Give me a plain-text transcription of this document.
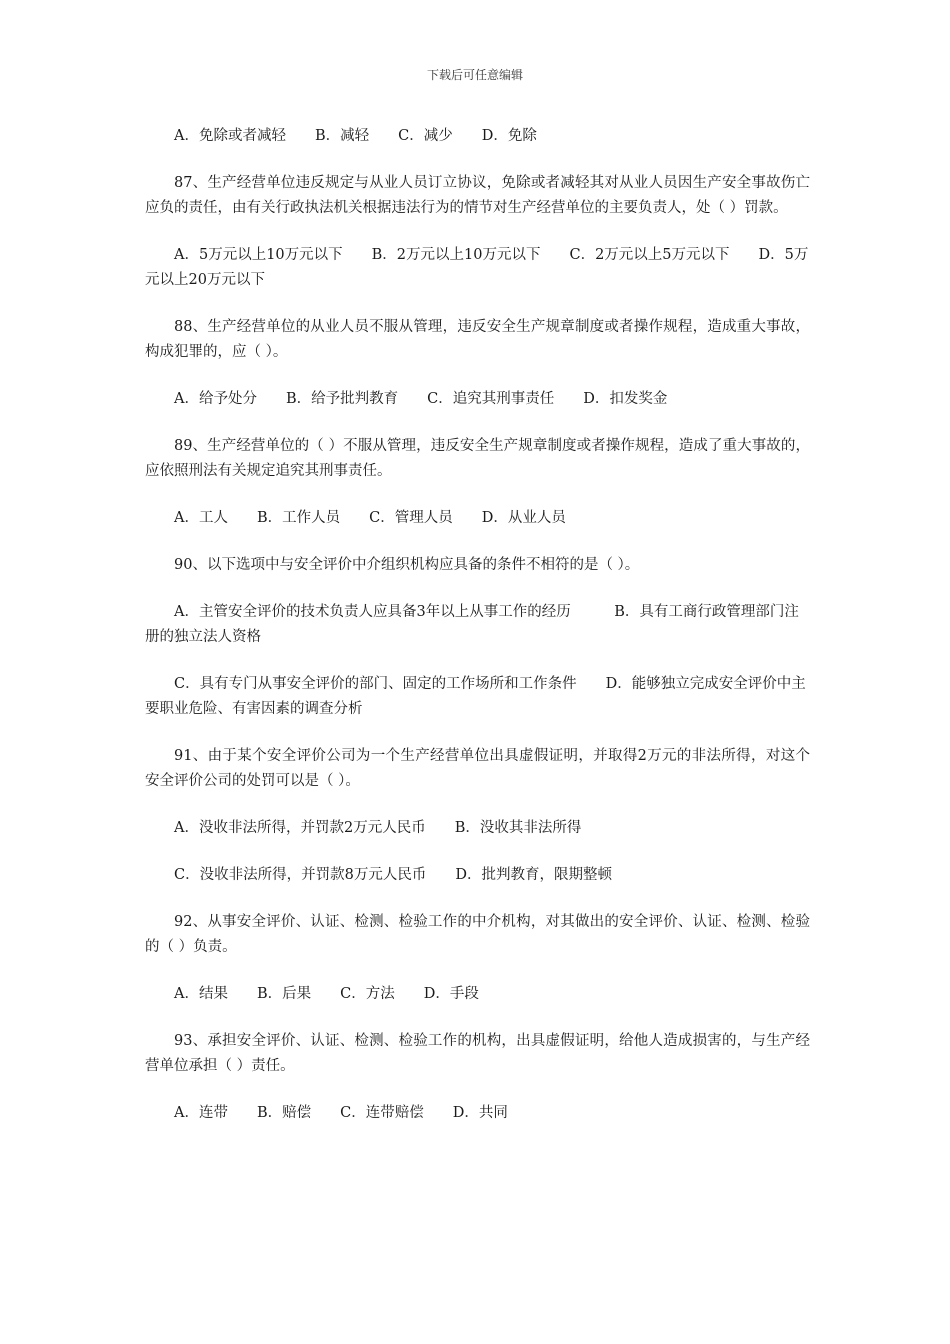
下载后可任意编辑

A．免除或者减轻　　B．减轻　　C．减少　　D．免除

87、生产经营单位违反规定与从业人员订立协议，免除或者减轻其对从业人员因生产安全事故伤亡应负的责任，由有关行政执法机关根据违法行为的情节对生产经营单位的主要负责人，处（ ）罚款。

A．5万元以上10万元以下　　B．2万元以上10万元以下　　C．2万元以上5万元以下　　D．5万元以上20万元以下

88、生产经营单位的从业人员不服从管理，违反安全生产规章制度或者操作规程，造成重大事故，构成犯罪的，应（ ）。

A．给予处分　　B．给予批判教育　　C．追究其刑事责任　　D．扣发奖金

89、生产经营单位的（ ）不服从管理，违反安全生产规章制度或者操作规程，造成了重大事故的，应依照刑法有关规定追究其刑事责任。

A．工人　　B．工作人员　　C．管理人员　　D．从业人员

90、以下选项中与安全评价中介组织机构应具备的条件不相符的是（ ）。

A．主管安全评价的技术负责人应具备3年以上从事工作的经历　　　B．具有工商行政管理部门注册的独立法人资格

C．具有专门从事安全评价的部门、固定的工作场所和工作条件　　D．能够独立完成安全评价中主要职业危险、有害因素的调查分析

91、由于某个安全评价公司为一个生产经营单位出具虚假证明，并取得2万元的非法所得，对这个安全评价公司的处罚可以是（ ）。

A．没收非法所得，并罚款2万元人民币　　B．没收其非法所得

C．没收非法所得，并罚款8万元人民币　　D．批判教育，限期整顿

92、从事安全评价、认证、检测、检验工作的中介机构，对其做出的安全评价、认证、检测、检验的（ ）负责。

A．结果　　B．后果　　C．方法　　D．手段

93、承担安全评价、认证、检测、检验工作的机构，出具虚假证明，给他人造成损害的，与生产经营单位承担（ ）责任。

A．连带　　B．赔偿　　C．连带赔偿　　D．共同
